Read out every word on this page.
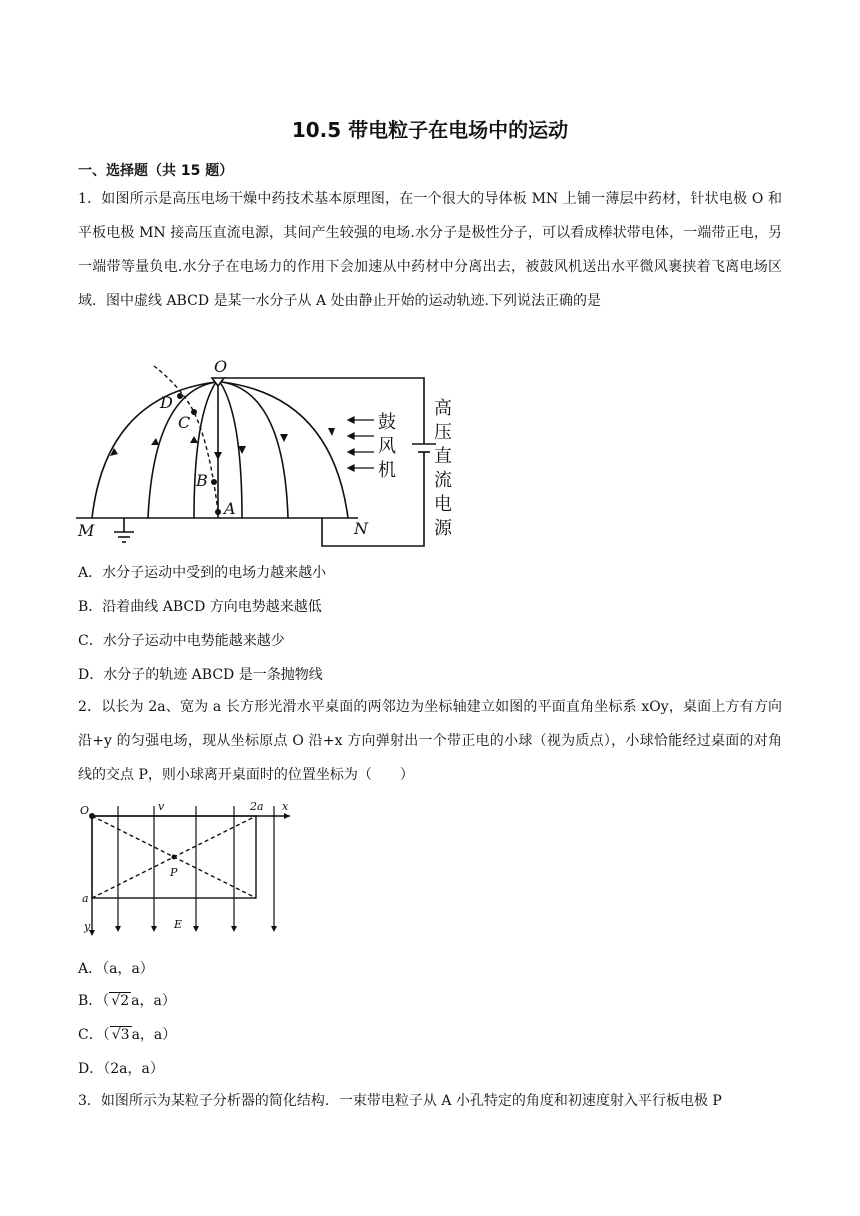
10.5 带电粒子在电场中的运动
一、选择题（共 15 题）
1．如图所示是高压电场干燥中药技术基本原理图，在一个很大的导体板 MN 上铺一薄层中药材，针状电极 O 和平板电极 MN 接高压直流电源，其间产生较强的电场.水分子是极性分子，可以看成棒状带电体，一端带正电，另一端带等量负电.水分子在电场力的作用下会加速从中药材中分离出去，被鼓风机送出水平微风裹挟着飞离电场区域．图中虚线 ABCD 是某一水分子从 A 处由静止开始的运动轨迹.下列说法正确的是
O
M	N
A
B
C
D
鼓
风
机
高
压
直
流
电
源
A．水分子运动中受到的电场力越来越小
B．沿着曲线 ABCD 方向电势越来越低
C．水分子运动中电势能越来越少
D．水分子的轨迹 ABCD 是一条抛物线
2．以长为 2a、宽为 a 长方形光滑水平桌面的两邻边为坐标轴建立如图的平面直角坐标系 xOy，桌面上方有方向沿+y 的匀强电场，现从坐标原点 O 沿+x 方向弹射出一个带正电的小球（视为质点），小球恰能经过桌面的对角线的交点 P，则小球离开桌面时的位置坐标为（　　）
O	v	2a x
P
a
y	E
A．（a，a）
B．（ √2 a，a）
C．（ √3 a，a）
D．（2a，a）
3．如图所示为某粒子分析器的简化结构．一束带电粒子从 A 小孔特定的角度和初速度射入平行板电极 P
